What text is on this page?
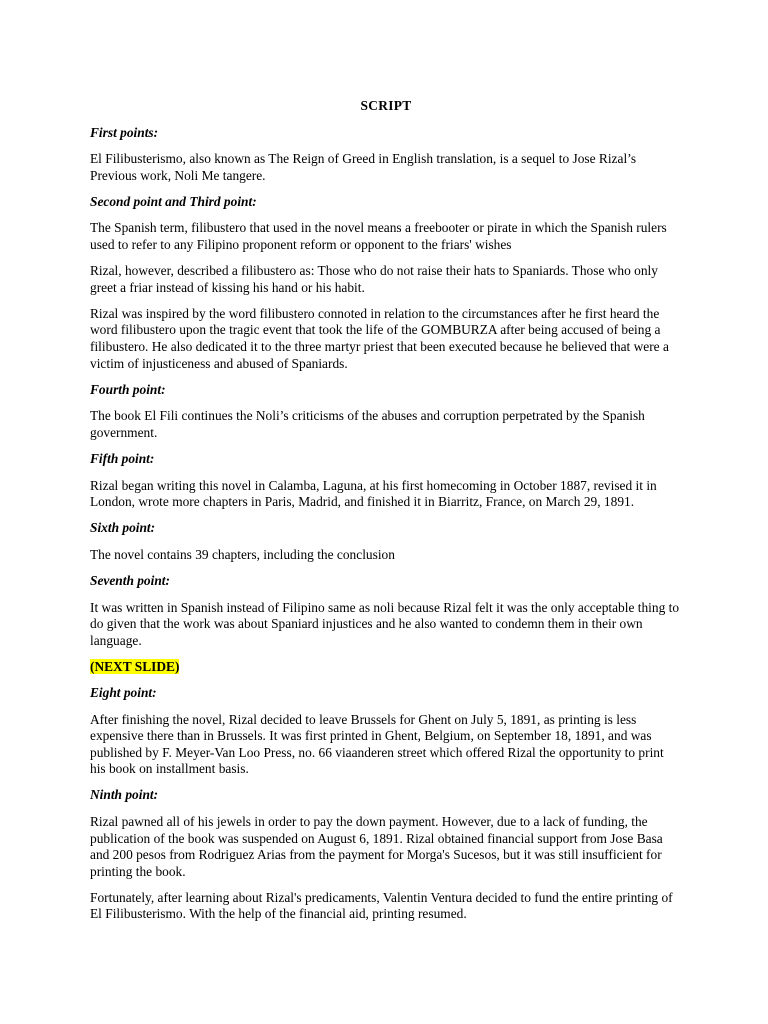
SCRIPT
First points:
El Filibusterismo, also known as The Reign of Greed in English translation, is a sequel to Jose Rizal’s Previous work, Noli Me tangere.
Second point and Third point:
The Spanish term, filibustero that used in the novel means a freebooter or pirate in which the Spanish rulers used to refer to any Filipino proponent reform or opponent to the friars' wishes
Rizal, however, described a filibustero as: Those who do not raise their hats to Spaniards. Those who only greet a friar instead of kissing his hand or his habit.
Rizal was inspired by the word filibustero connoted in relation to the circumstances after he first heard the word filibustero upon the tragic event that took the life of the GOMBURZA after being accused of being a filibustero. He also dedicated it to the three martyr priest that been executed because he believed that were a victim of injusticeness and abused of Spaniards.
Fourth point:
The book El Fili continues the Noli’s criticisms of the abuses and corruption perpetrated by the Spanish government.
Fifth point:
Rizal began writing this novel in Calamba, Laguna, at his first homecoming in October 1887, revised it in London, wrote more chapters in Paris, Madrid, and finished it in Biarritz, France, on March 29, 1891.
Sixth point:
The novel contains 39 chapters, including the conclusion
Seventh point:
It was written in Spanish instead of Filipino same as noli because Rizal felt it was the only acceptable thing to do given that the work was about Spaniard injustices and he also wanted to condemn them in their own language.
(NEXT SLIDE)
Eight point:
After finishing the novel, Rizal decided to leave Brussels for Ghent on July 5, 1891, as printing is less expensive there than in Brussels. It was first printed in Ghent, Belgium, on September 18, 1891, and was published by F. Meyer-Van Loo Press, no. 66 viaanderen street which offered Rizal the opportunity to print his book on installment basis.
Ninth point:
Rizal pawned all of his jewels in order to pay the down payment. However, due to a lack of funding, the publication of the book was suspended on August 6, 1891. Rizal obtained financial support from Jose Basa and 200 pesos from Rodriguez Arias from the payment for Morga's Sucesos, but it was still insufficient for printing the book.
Fortunately, after learning about Rizal's predicaments, Valentin Ventura decided to fund the entire printing of El Filibusterismo. With the help of the financial aid, printing resumed.
